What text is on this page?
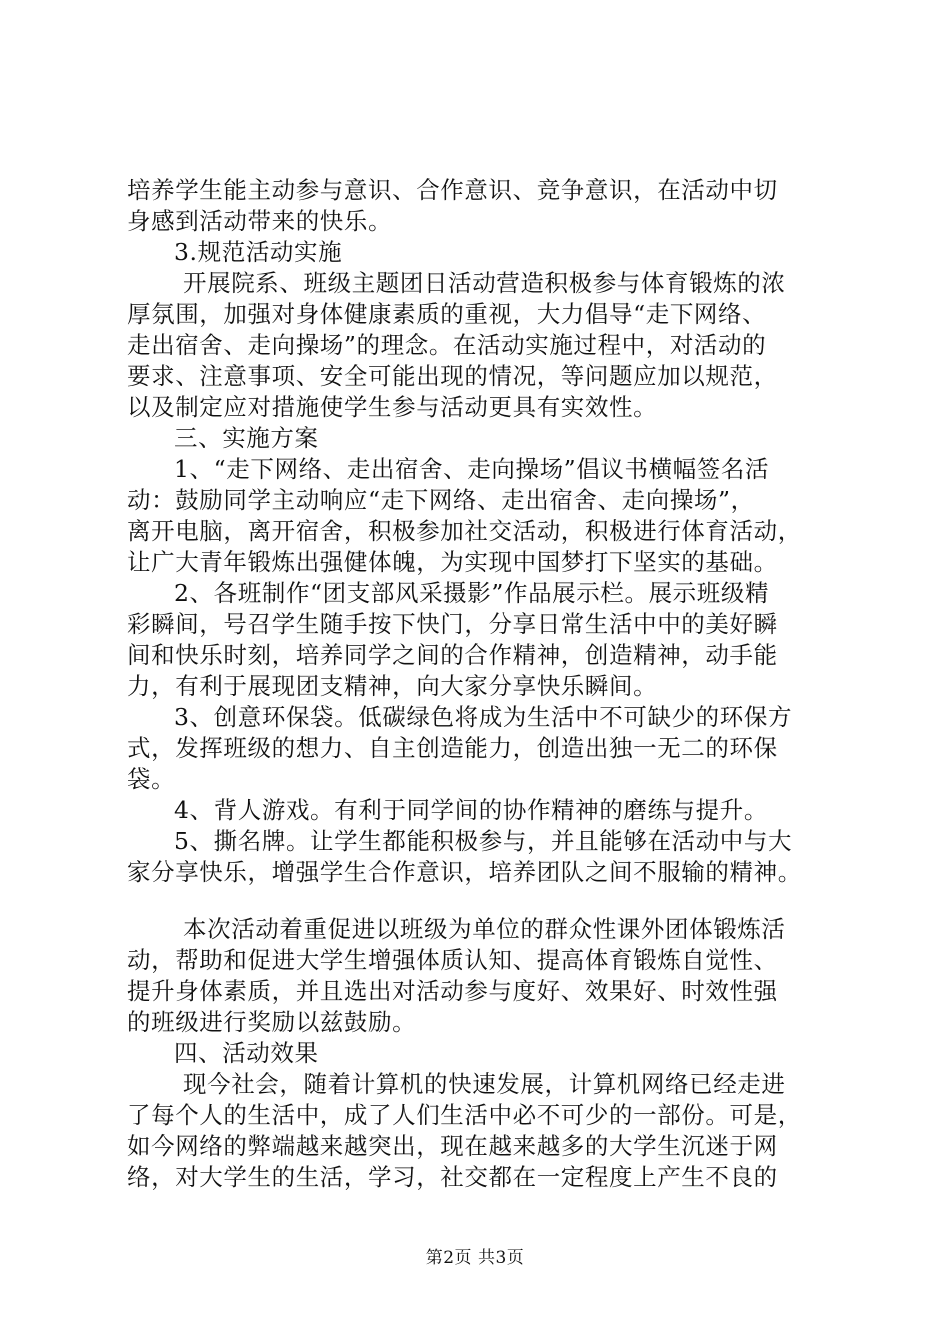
培养学生能主动参与意识、合作意识、竞争意识，在活动中切
身感到活动带来的快乐。
3.规范活动实施
开展院系、班级主题团日活动营造积极参与体育锻炼的浓
厚氛围，加强对身体健康素质的重视，大力倡导“走下网络、
走出宿舍、走向操场”的理念。在活动实施过程中，对活动的
要求、注意事项、安全可能出现的情况，等问题应加以规范，
以及制定应对措施使学生参与活动更具有实效性。
三、实施方案
1、“走下网络、走出宿舍、走向操场”倡议书横幅签名活
动：鼓励同学主动响应“走下网络、走出宿舍、走向操场”，
离开电脑，离开宿舍，积极参加社交活动，积极进行体育活动，
让广大青年锻炼出强健体魄，为实现中国梦打下坚实的基础。
2、各班制作“团支部风采摄影”作品展示栏。展示班级精
彩瞬间，号召学生随手按下快门，分享日常生活中中的美好瞬
间和快乐时刻，培养同学之间的合作精神，创造精神，动手能
力，有利于展现团支精神，向大家分享快乐瞬间。
3、创意环保袋。低碳绿色将成为生活中不可缺少的环保方
式，发挥班级的想力、自主创造能力，创造出独一无二的环保
袋。
4、背人游戏。有利于同学间的协作精神的磨练与提升。
5、撕名牌。让学生都能积极参与，并且能够在活动中与大
家分享快乐，增强学生合作意识，培养团队之间不服输的精神。
本次活动着重促进以班级为单位的群众性课外团体锻炼活
动，帮助和促进大学生增强体质认知、提高体育锻炼自觉性、
提升身体素质，并且选出对活动参与度好、效果好、时效性强
的班级进行奖励以兹鼓励。
四、活动效果
现今社会，随着计算机的快速发展，计算机网络已经走进
了每个人的生活中，成了人们生活中必不可少的一部份。可是，
如今网络的弊端越来越突出，现在越来越多的大学生沉迷于网
络，对大学生的生活，学习，社交都在一定程度上产生不良的
第2页 共3页
